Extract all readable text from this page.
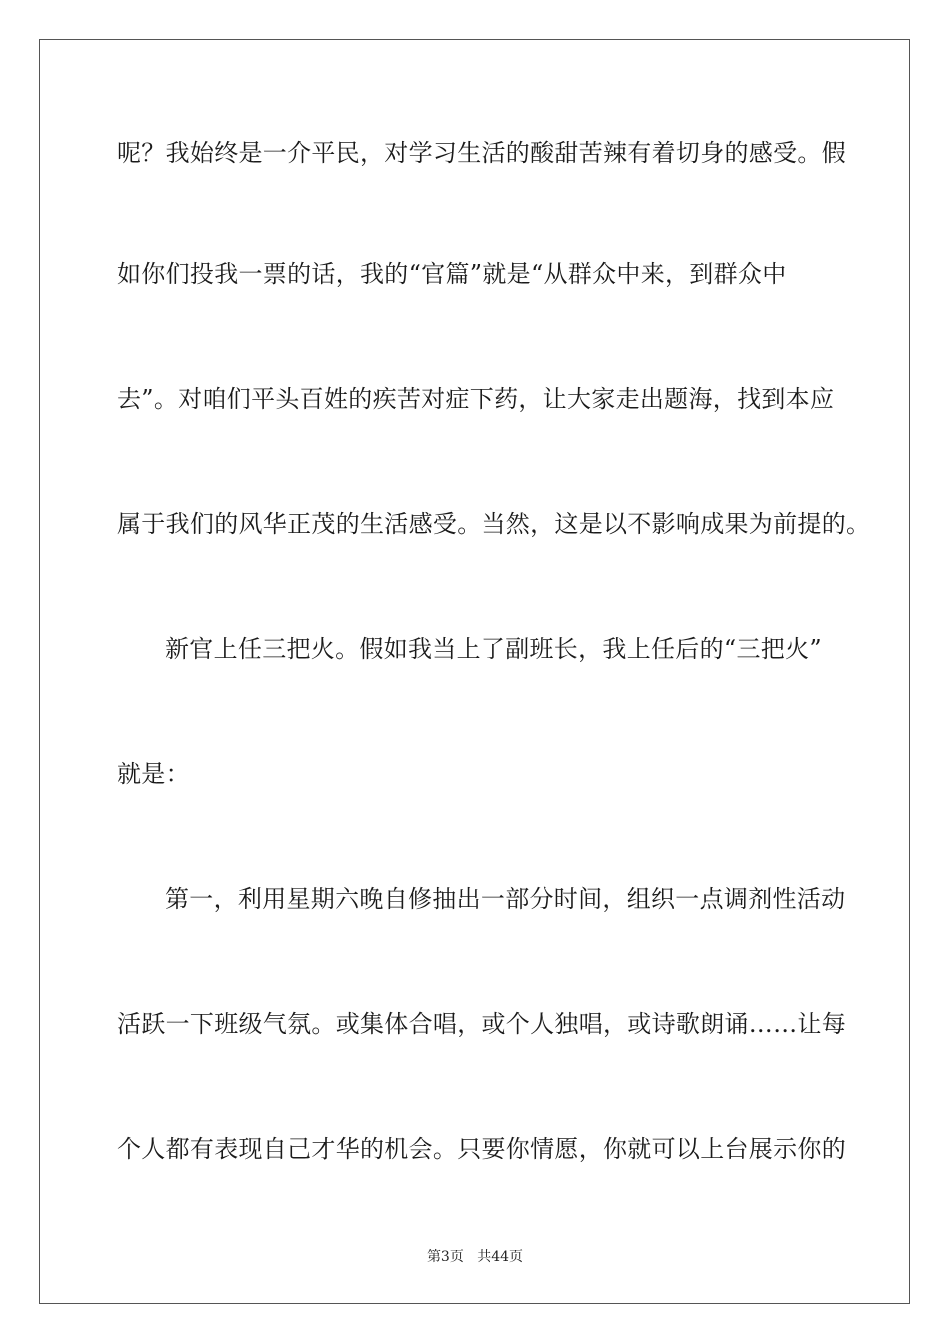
呢？我始终是一介平民，对学习生活的酸甜苦辣有着切身的感受。假
如你们投我一票的话，我的“官篇”就是“从群众中来，到群众中
去”。对咱们平头百姓的疾苦对症下药，让大家走出题海，找到本应
属于我们的风华正茂的生活感受。当然，这是以不影响成果为前提的。
新官上任三把火。假如我当上了副班长，我上任后的“三把火”
就是：
第一，利用星期六晚自修抽出一部分时间，组织一点调剂性活动
活跃一下班级气氛。或集体合唱，或个人独唱，或诗歌朗诵……让每
个人都有表现自己才华的机会。只要你情愿，你就可以上台展示你的
第3页 共44页
